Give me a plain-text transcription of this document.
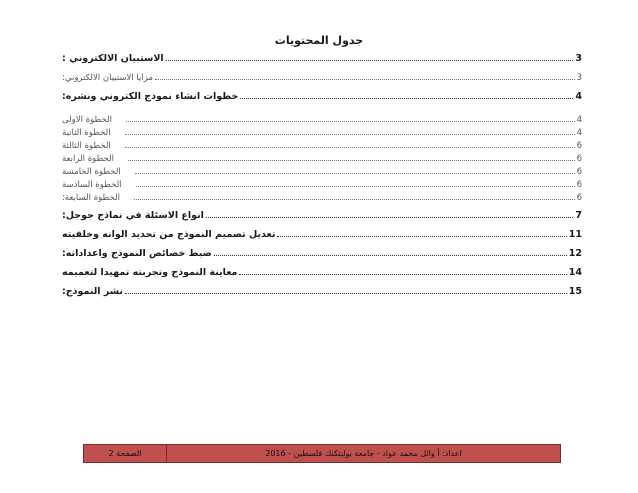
جدول المحتويات
الاستبيان الالكتروني :	3
مزايا الاستبيان الالكتروني:	3
خطوات انشاء نموذج الكتروني ونشره:	4
الخطوة الاولى	4
الخطوة الثانية	4
الخطوة الثالثة	6
الخطوة الرابعة	6
الخطوة الخامسة	6
الخطوة السادسة	6
الخطوة السابعة:	6
انواع الاسئلة في نماذج جوجل:	7
تعديل تصميم النموذج من تحديد الوانه وخلفيته	11
ضبط خصائص النموذج واعداداته:	12
معاينة النموذج وتجربته تمهيدا لتعميمه	14
نشر النموذج:	15
اعداد: أ وائل محمد عواد - جامعة بوليتكنك فلسطين - 2016
الصفحة 2
